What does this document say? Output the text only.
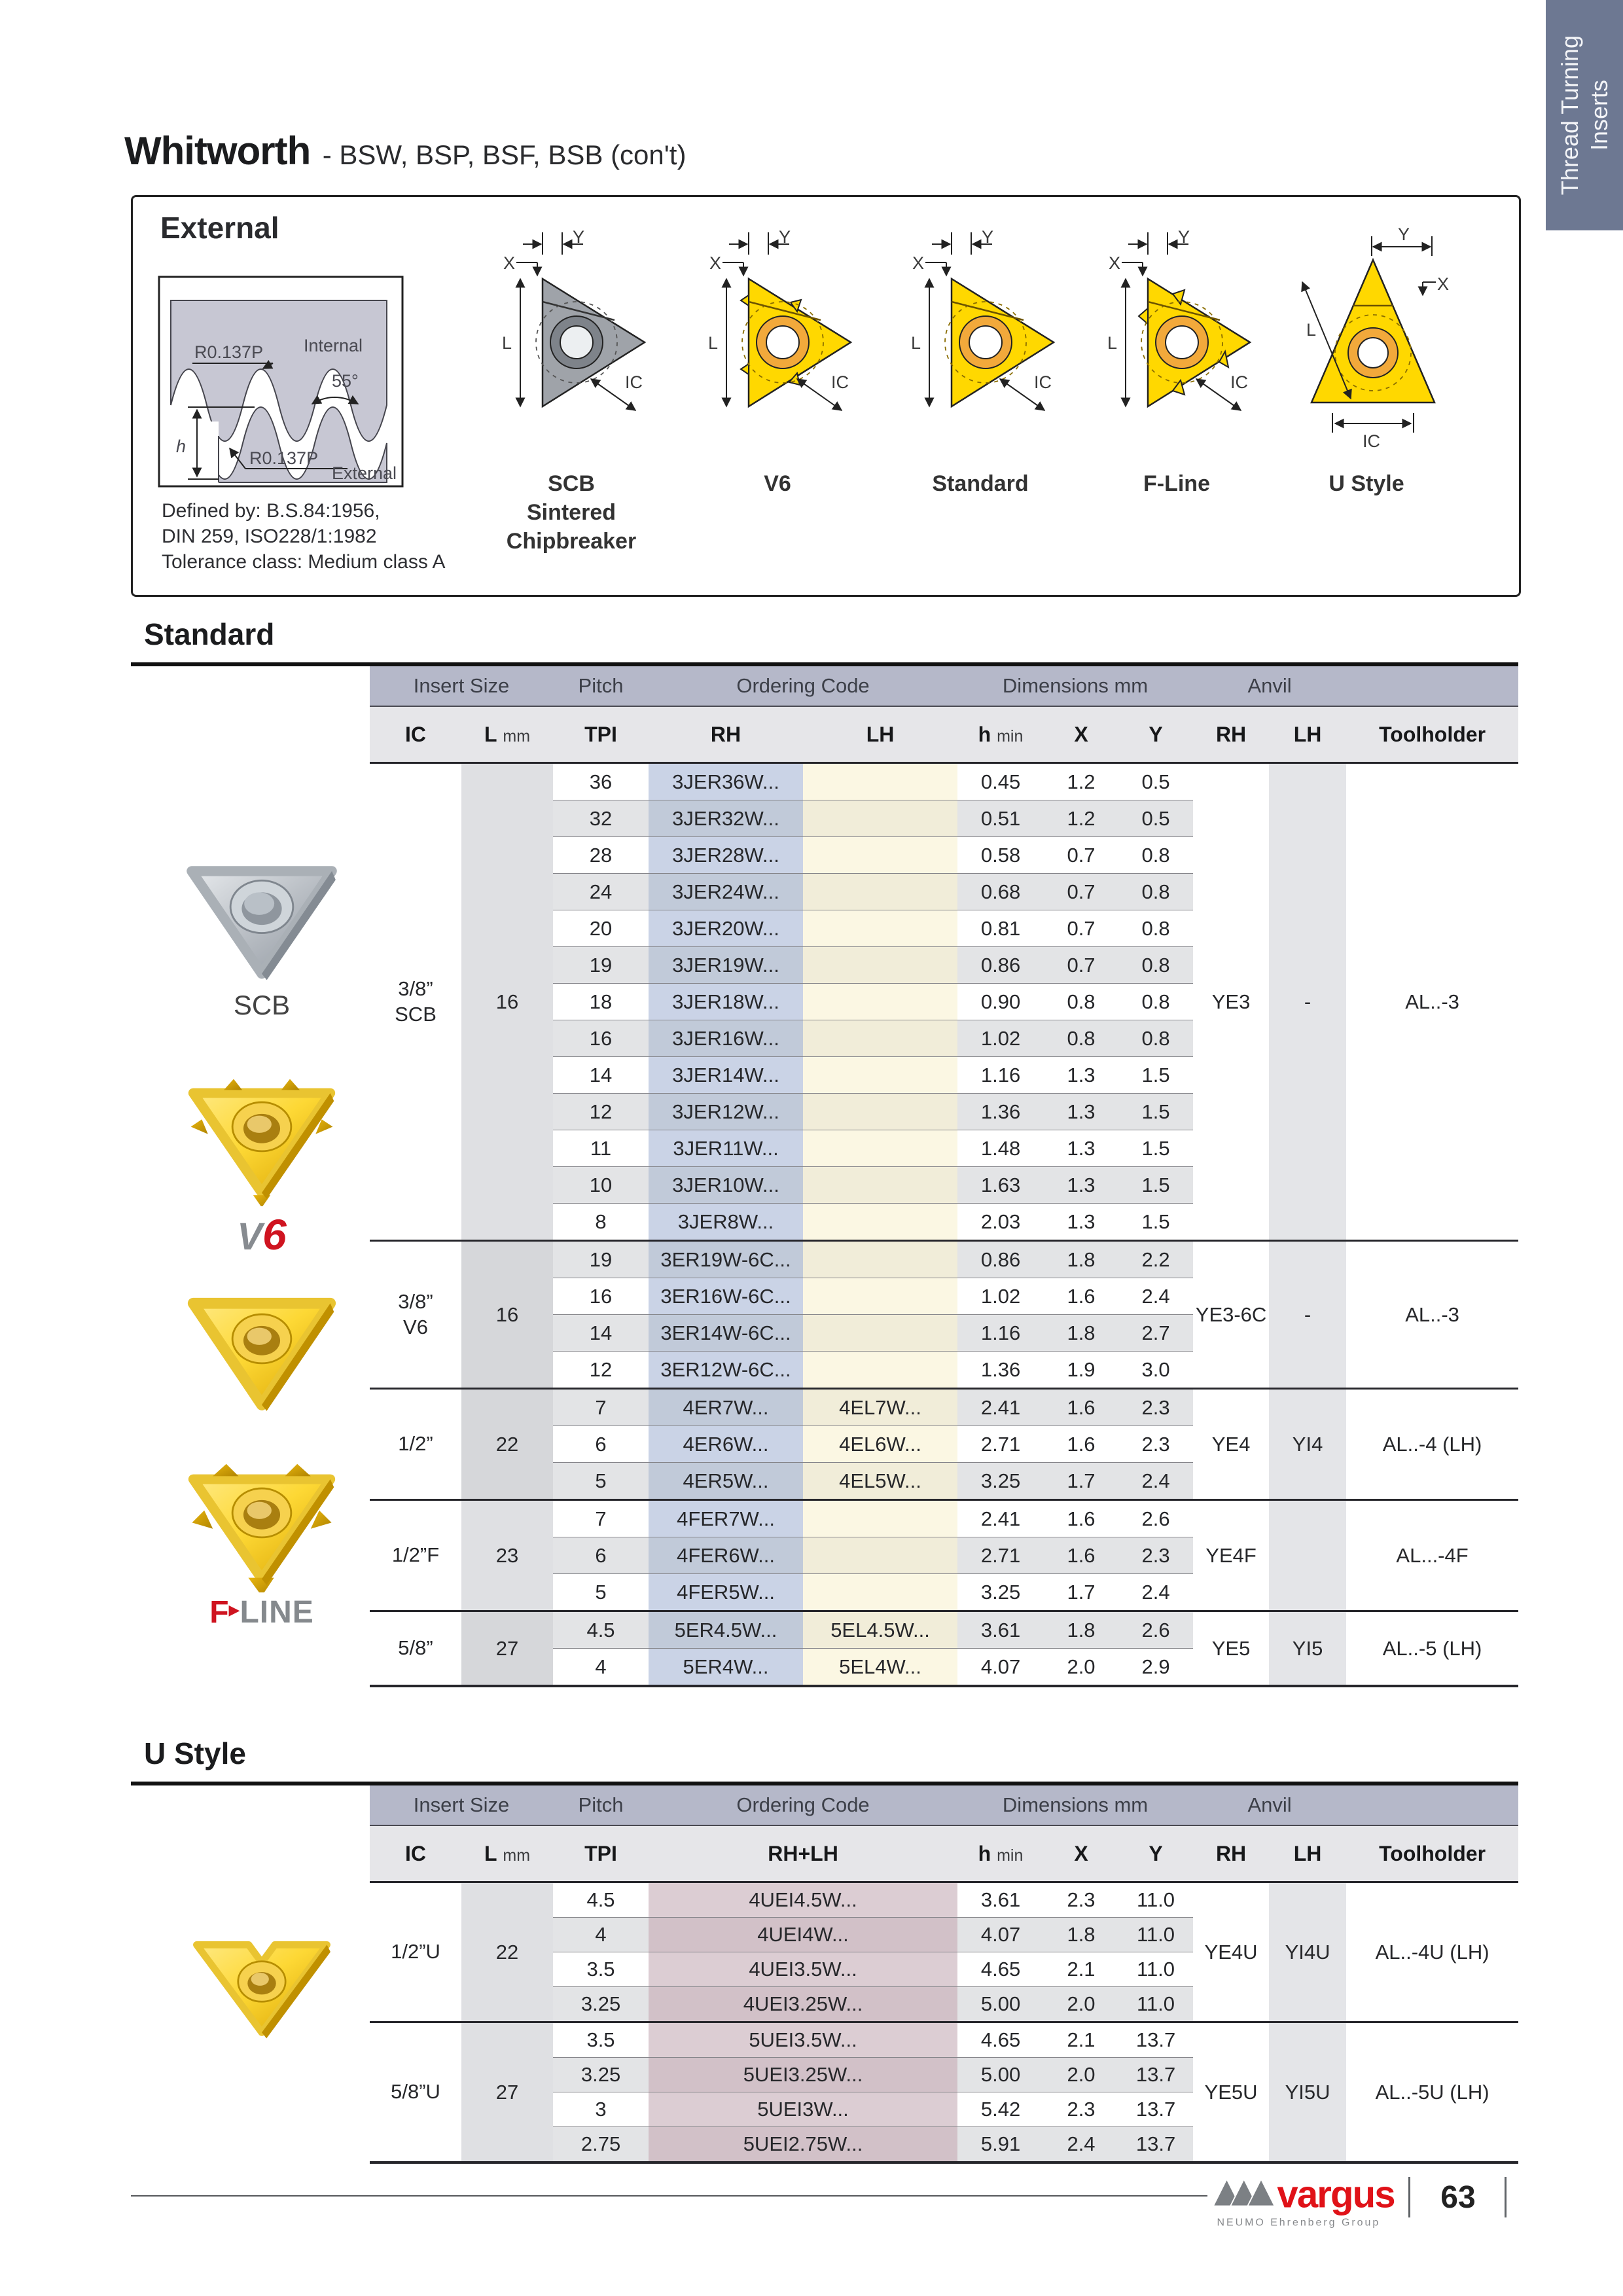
Thread Turning Inserts
Whitworth - BSW, BSP, BSF, BSB (con't)
External
h
R0.137P Internal
55°
R0.137P
External
Defined by: B.S.84:1956,
DIN 259, ISO228/1:1982
Tolerance class: Medium class A
X
Y
L
IC
SCB
Sintered
Chipbreaker
X
Y
L
IC
V6
X
Y
L
IC
Standard
X
Y
L
IC
F-Line
Y
X
L
IC
U Style
Standard
Insert Size		Pitch	Ordering Code		Dimensions mm			Anvil		
IC	L mm	TPI	RH	LH	h min	X	Y	RH	LH	Toolholder
3/8”
SCB	16	36	3JER36W...		0.45	1.2	0.5	YE3	-	AL..-3
		32	3JER32W...		0.51	1.2	0.5			
		28	3JER28W...		0.58	0.7	0.8			
		24	3JER24W...		0.68	0.7	0.8			
		20	3JER20W...		0.81	0.7	0.8			
		19	3JER19W...		0.86	0.7	0.8			
		18	3JER18W...		0.90	0.8	0.8			
		16	3JER16W...		1.02	0.8	0.8			
		14	3JER14W...		1.16	1.3	1.5			
		12	3JER12W...		1.36	1.3	1.5			
		11	3JER11W...		1.48	1.3	1.5			
		10	3JER10W...		1.63	1.3	1.5			
		8	3JER8W...		2.03	1.3	1.5			
3/8”
V6	16	19	3ER19W-6C...		0.86	1.8	2.2	YE3-6C	-	AL..-3
		16	3ER16W-6C...		1.02	1.6	2.4			
		14	3ER14W-6C...		1.16	1.8	2.7			
		12	3ER12W-6C...		1.36	1.9	3.0			
1/2”	22	7	4ER7W...	4EL7W...	2.41	1.6	2.3	YE4	YI4	AL..-4 (LH)
		6	4ER6W...	4EL6W...	2.71	1.6	2.3			
		5	4ER5W...	4EL5W...	3.25	1.7	2.4			
1/2”F	23	7	4FER7W...		2.41	1.6	2.6	YE4F		AL...-4F
		6	4FER6W...		2.71	1.6	2.3			
		5	4FER5W...		3.25	1.7	2.4			
5/8”	27	4.5	5ER4.5W...	5EL4.5W...	3.61	1.8	2.6	YE5	YI5	AL..-5 (LH)
		4	5ER4W...	5EL4W...	4.07	2.0	2.9			
SCB
V6
F▶LINE
U Style
Insert Size		Pitch	Ordering Code	Dimensions mm			Anvil		
IC	L mm	TPI	RH+LH	h min	X	Y	RH	LH	Toolholder
1/2”U	22	4.5	4UEI4.5W...	3.61	2.3	11.0	YE4U	YI4U	AL..-4U (LH)
		4	4UEI4W...	4.07	1.8	11.0			
		3.5	4UEI3.5W...	4.65	2.1	11.0			
		3.25	4UEI3.25W...	5.00	2.0	11.0			
5/8”U	27	3.5	5UEI3.5W...	4.65	2.1	13.7	YE5U	YI5U	AL..-5U (LH)
		3.25	5UEI3.25W...	5.00	2.0	13.7			
		3	5UEI3W...	5.42	2.3	13.7			
		2.75	5UEI2.75W...	5.91	2.4	13.7			
vargus
NEUMO Ehrenberg Group
63
